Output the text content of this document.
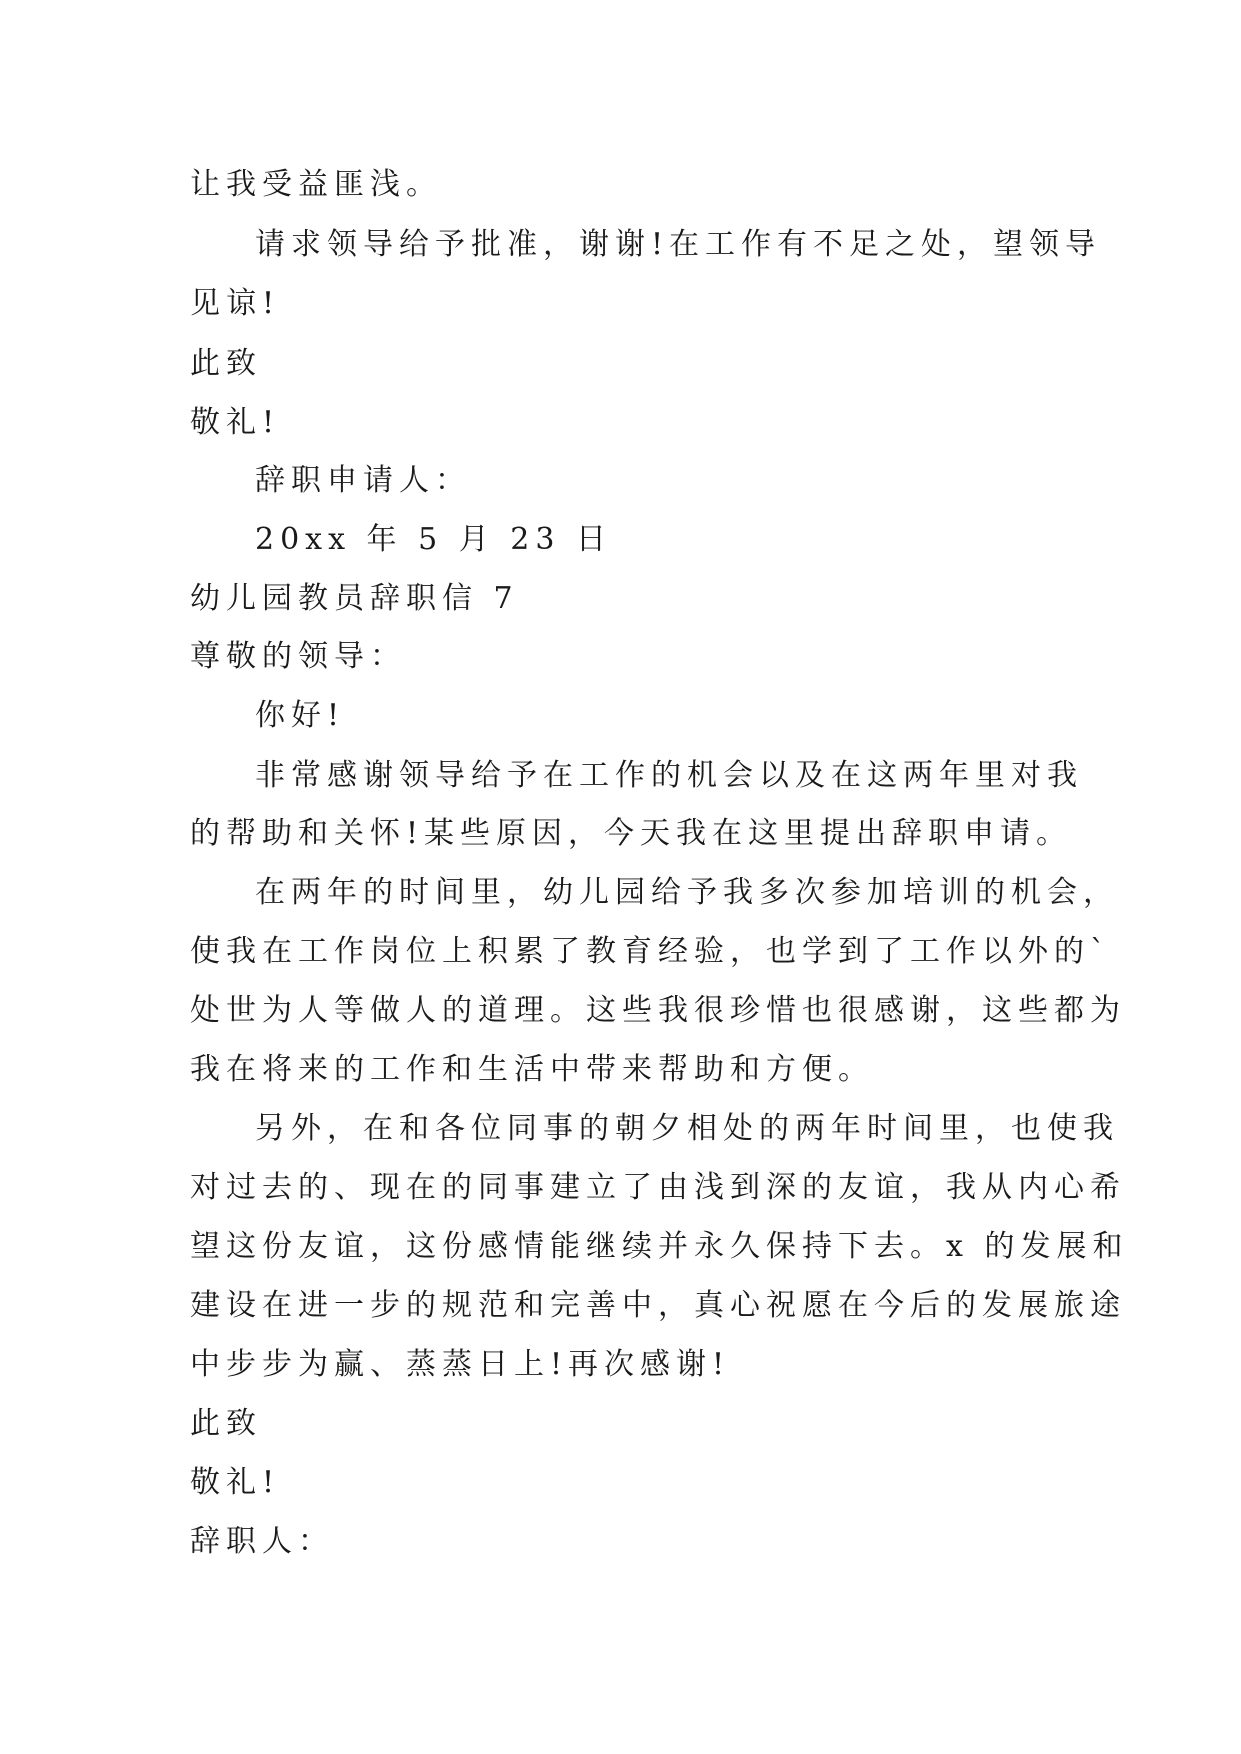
让我受益匪浅。

请求领导给予批准，谢谢!在工作有不足之处，望领导

见谅!

此致

敬礼!

辞职申请人：

20xx 年 5 月 23 日

幼儿园教员辞职信 7

尊敬的领导：

你好!

非常感谢领导给予在工作的机会以及在这两年里对我

的帮助和关怀!某些原因，今天我在这里提出辞职申请。

在两年的时间里，幼儿园给予我多次参加培训的机会，

使我在工作岗位上积累了教育经验，也学到了工作以外的`

处世为人等做人的道理。这些我很珍惜也很感谢，这些都为

我在将来的工作和生活中带来帮助和方便。

另外，在和各位同事的朝夕相处的两年时间里，也使我

对过去的、现在的同事建立了由浅到深的友谊，我从内心希

望这份友谊，这份感情能继续并永久保持下去。x 的发展和

建设在进一步的规范和完善中，真心祝愿在今后的发展旅途

中步步为赢、蒸蒸日上!再次感谢!

此致

敬礼!

辞职人：
